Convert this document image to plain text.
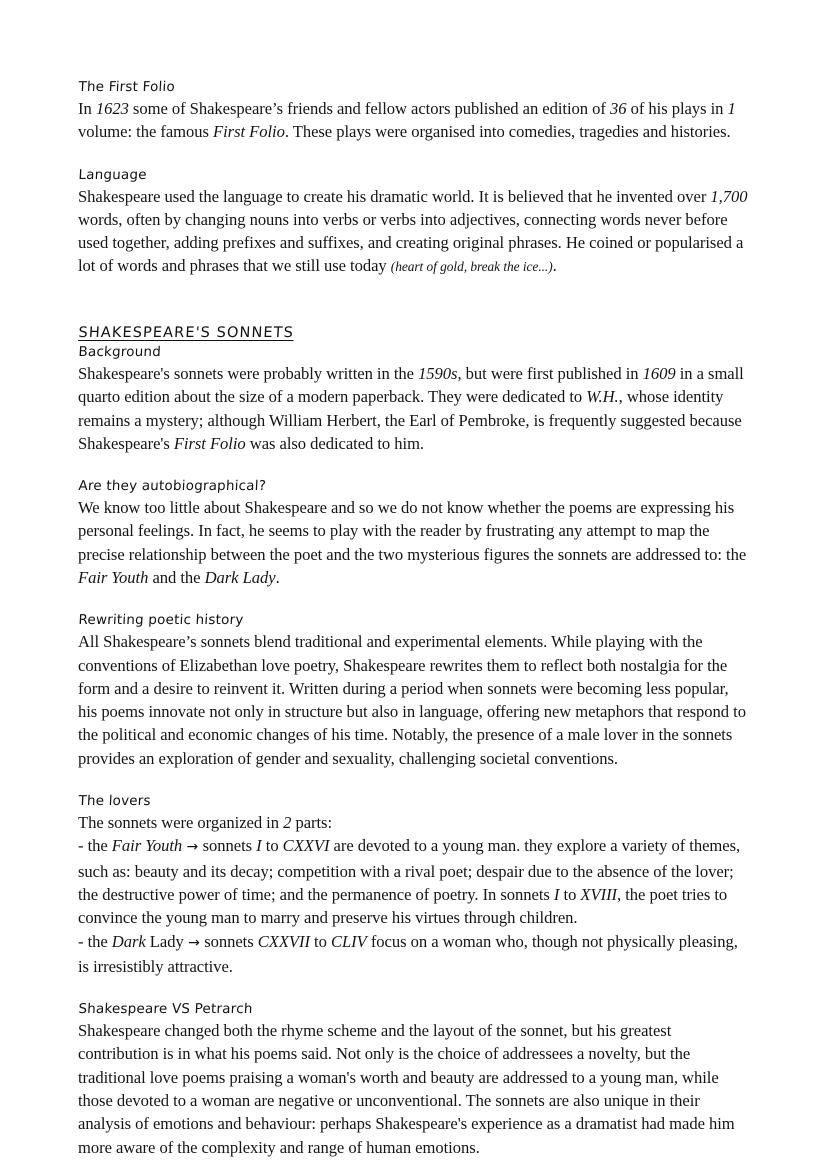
The First Folio

In 1623 some of Shakespeare’s friends and fellow actors published an edition of 36 of his plays in 1 volume: the famous First Folio. These plays were organised into comedies, tragedies and histories.

Language

Shakespeare used the language to create his dramatic world. It is believed that he invented over 1,700 words, often by changing nouns into verbs or verbs into adjectives, connecting words never before used together, adding prefixes and suffixes, and creating original phrases. He coined or popularised a lot of words and phrases that we still use today (heart of gold, break the ice...).

SHAKESPEARE'S SONNETS
Background

Shakespeare's sonnets were probably written in the 1590s, but were first published in 1609 in a small quarto edition about the size of a modern paperback. They were dedicated to W.H., whose identity remains a mystery; although William Herbert, the Earl of Pembroke, is frequently suggested because Shakespeare's First Folio was also dedicated to him.

Are they autobiographical?

We know too little about Shakespeare and so we do not know whether the poems are expressing his personal feelings. In fact, he seems to play with the reader by frustrating any attempt to map the precise relationship between the poet and the two mysterious figures the sonnets are addressed to: the Fair Youth and the Dark Lady.

Rewriting poetic history

All Shakespeare’s sonnets blend traditional and experimental elements. While playing with the conventions of Elizabethan love poetry, Shakespeare rewrites them to reflect both nostalgia for the form and a desire to reinvent it. Written during a period when sonnets were becoming less popular, his poems innovate not only in structure but also in language, offering new metaphors that respond to the political and economic changes of his time. Notably, the presence of a male lover in the sonnets provides an exploration of gender and sexuality, challenging societal conventions.

The lovers

The sonnets were organized in 2 parts:

- the Fair Youth → sonnets I to CXXVI are devoted to a young man. they explore a variety of themes, such as: beauty and its decay; competition with a rival poet; despair due to the absence of the lover; the destructive power of time; and the permanence of poetry. In sonnets I to XVIII, the poet tries to convince the young man to marry and preserve his virtues through children.

- the Dark Lady → sonnets CXXVII to CLIV focus on a woman who, though not physically pleasing, is irresistibly attractive.

Shakespeare VS Petrarch

Shakespeare changed both the rhyme scheme and the layout of the sonnet, but his greatest contribution is in what his poems said. Not only is the choice of addressees a novelty, but the traditional love poems praising a woman's worth and beauty are addressed to a young man, while those devoted to a woman are negative or unconventional. The sonnets are also unique in their analysis of emotions and behaviour: perhaps Shakespeare's experience as a dramatist had made him more aware of the complexity and range of human emotions.
